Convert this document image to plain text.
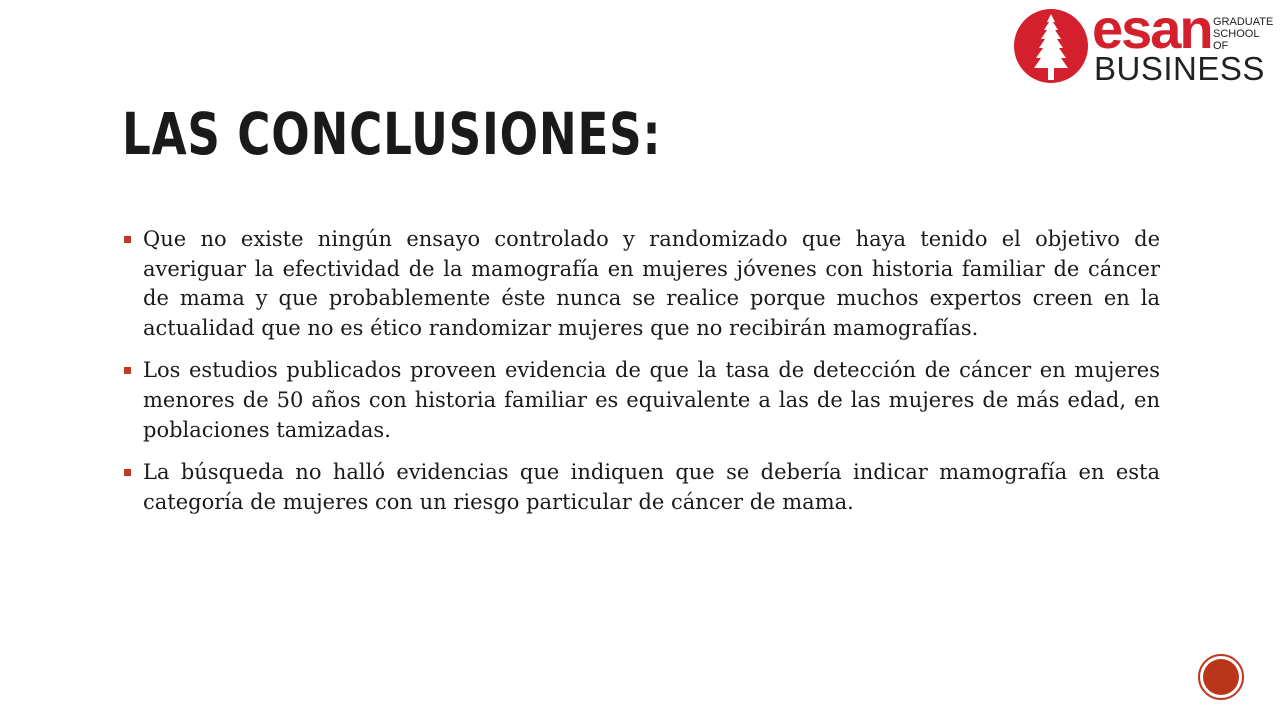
esan GRADUATE
SCHOOL OF
BUSINESS
LAS CONCLUSIONES:
Que no existe ningún ensayo controlado y randomizado que haya tenido el objetivo de averiguar la efectividad de la mamografía en mujeres jóvenes con historia familiar de cáncer de mama y que probablemente éste nunca se realice porque muchos expertos creen en la actualidad que no es ético randomizar mujeres que no recibirán mamografías.
Los estudios publicados proveen evidencia de que la tasa de detección de cáncer en mujeres menores de 50 años con historia familiar es equivalente a las de las mujeres de más edad, en poblaciones tamizadas.
La búsqueda no halló evidencias que indiquen que se debería indicar mamografía en esta categoría de mujeres con un riesgo particular de cáncer de mama.
